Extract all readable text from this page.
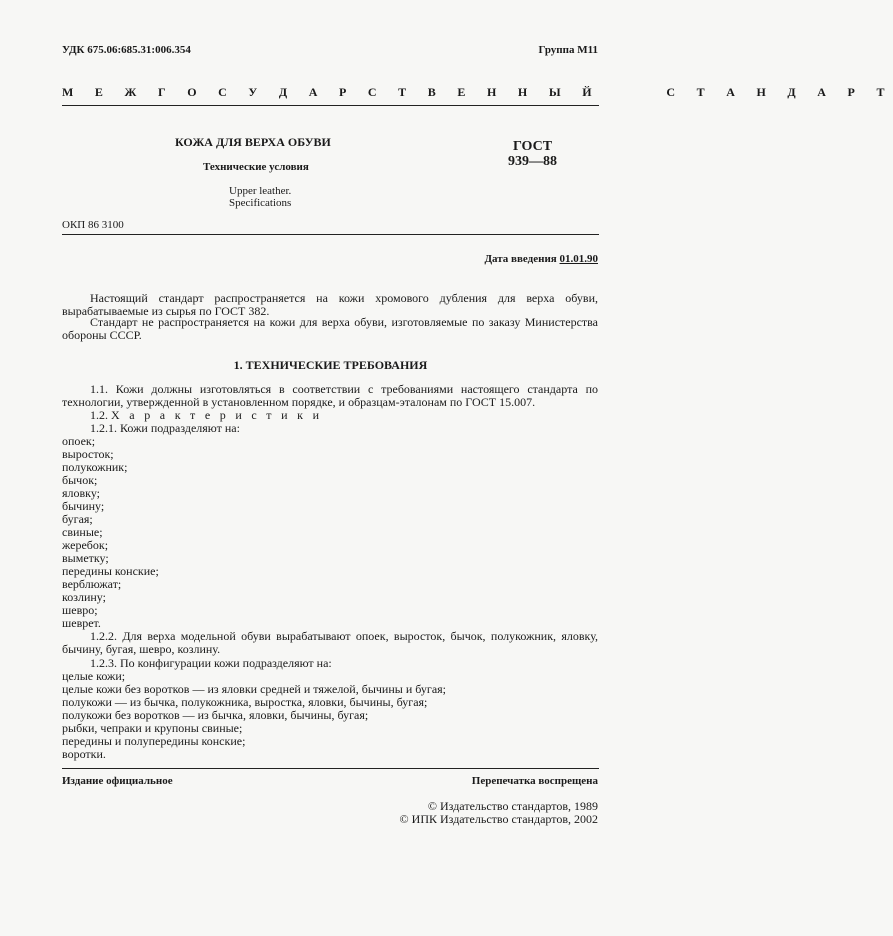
УДК 675.06:685.31:006.354	Группа М11
М Е Ж Г О С У Д А Р С Т В Е Н Н Ы Й     С Т А Н Д А Р Т
КОЖА ДЛЯ ВЕРХА ОБУВИ
Технические условия
Upper leather.
Specifications
ГОСТ
939—88
ОКП 86 3100
Дата введения 01.01.90
Настоящий стандарт распространяется на кожи хромового дубления для верха обуви, вырабатываемые из сырья по ГОСТ 382.
Стандарт не распространяется на кожи для верха обуви, изготовляемые по заказу Министерства обороны СССР.
1. ТЕХНИЧЕСКИЕ ТРЕБОВАНИЯ
1.1. Кожи должны изготовляться в соответствии с требованиями настоящего стандарта по технологии, утвержденной в установленном порядке, и образцам-эталонам по ГОСТ 15.007.
1.2. Характеристики
1.2.1. Кожи подразделяют на:
опоек;
выросток;
полукожник;
бычок;
яловку;
бычину;
бугая;
свиные;
жеребок;
выметку;
передины конские;
верблюжат;
козлину;
шевро;
шеврет.
1.2.2. Для верха модельной обуви вырабатывают опоек, выросток, бычок, полукожник, яловку, бычину, бугая, шевро, козлину.
1.2.3. По конфигурации кожи подразделяют на:
целые кожи;
целые кожи без воротков — из яловки средней и тяжелой, бычины и бугая;
полукожи — из бычка, полукожника, выростка, яловки, бычины, бугая;
полукожи без воротков — из бычка, яловки, бычины, бугая;
рыбки, чепраки и крупоны свиные;
передины и полупередины конские;
воротки.
Издание официальное	Перепечатка воспрещена
© Издательство стандартов, 1989
© ИПК Издательство стандартов, 2002
